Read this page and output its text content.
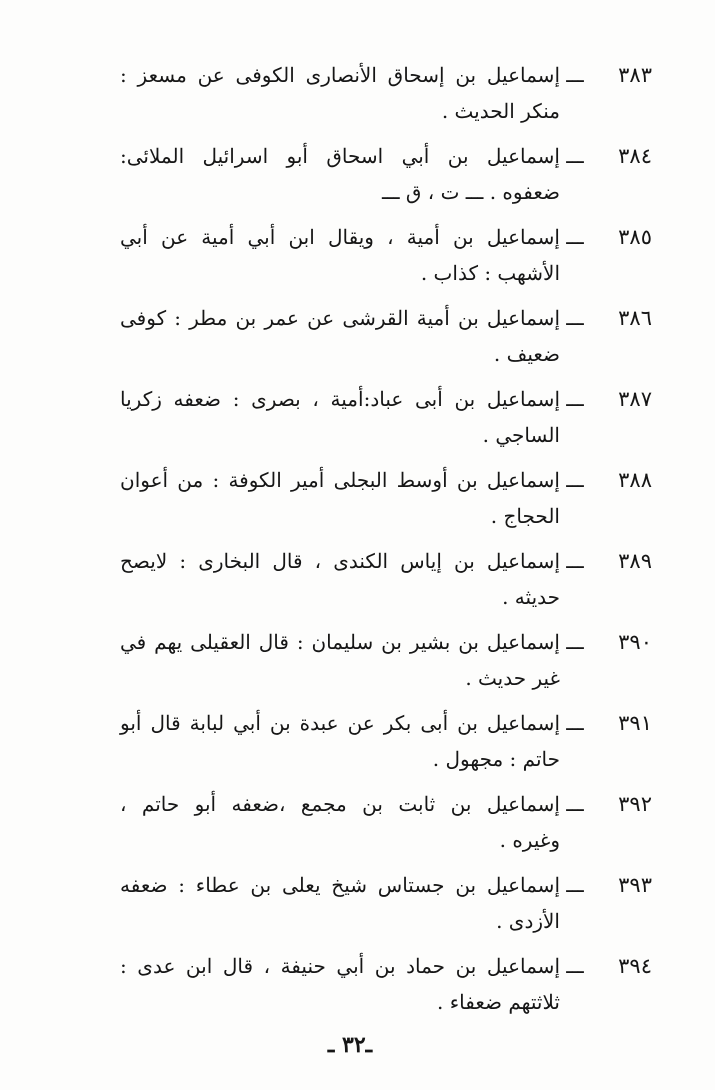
٣٨٣
ـــ
إسماعيل بن إسحاق الأنصارى الكوفى عن مسعز :
منكر الحديث .
٣٨٤
ـــ
إسماعيل بن أبي اسحاق أبو اسرائيل الملائى:
ضعفوه . ـــ ت ، ق ـــ
٣٨٥
ـــ
إسماعيل بن أمية ، ويقال ابن أبي أمية عن أبي
الأشهب : كذاب .
٣٨٦
ـــ
إسماعيل بن أمية القرشى عن عمر بن مطر : كوفى
ضعيف .
٣٨٧
ـــ
إسماعيل بن أبى عباد:أمية ، بصرى : ضعفه زكريا
الساجي .
٣٨٨
ـــ
إسماعيل بن أوسط البجلى أمير الكوفة : من أعوان
الحجاج .
٣٨٩
ـــ
إسماعيل بن إياس الكندى ، قال البخارى : لايصح
حديثه .
٣٩٠
ـــ
إسماعيل بن بشير بن سليمان : قال العقيلى يهم في
غير حديث .
٣٩١
ـــ
إسماعيل بن أبى بكر عن عبدة بن أبي لبابة قال أبو
حاتم : مجهول .
٣٩٢
ـــ
إسماعيل بن ثابت بن مجمع ،ضعفه أبو حاتم ،
وغيره .
٣٩٣
ـــ
إسماعيل بن جستاس شيخ يعلى بن عطاء : ضعفه
الأزدى .
٣٩٤
ـــ
إسماعيل بن حماد بن أبي حنيفة ، قال ابن عدى :
ثلاثتهم ضعفاء .
ـ٣٢ ـ
